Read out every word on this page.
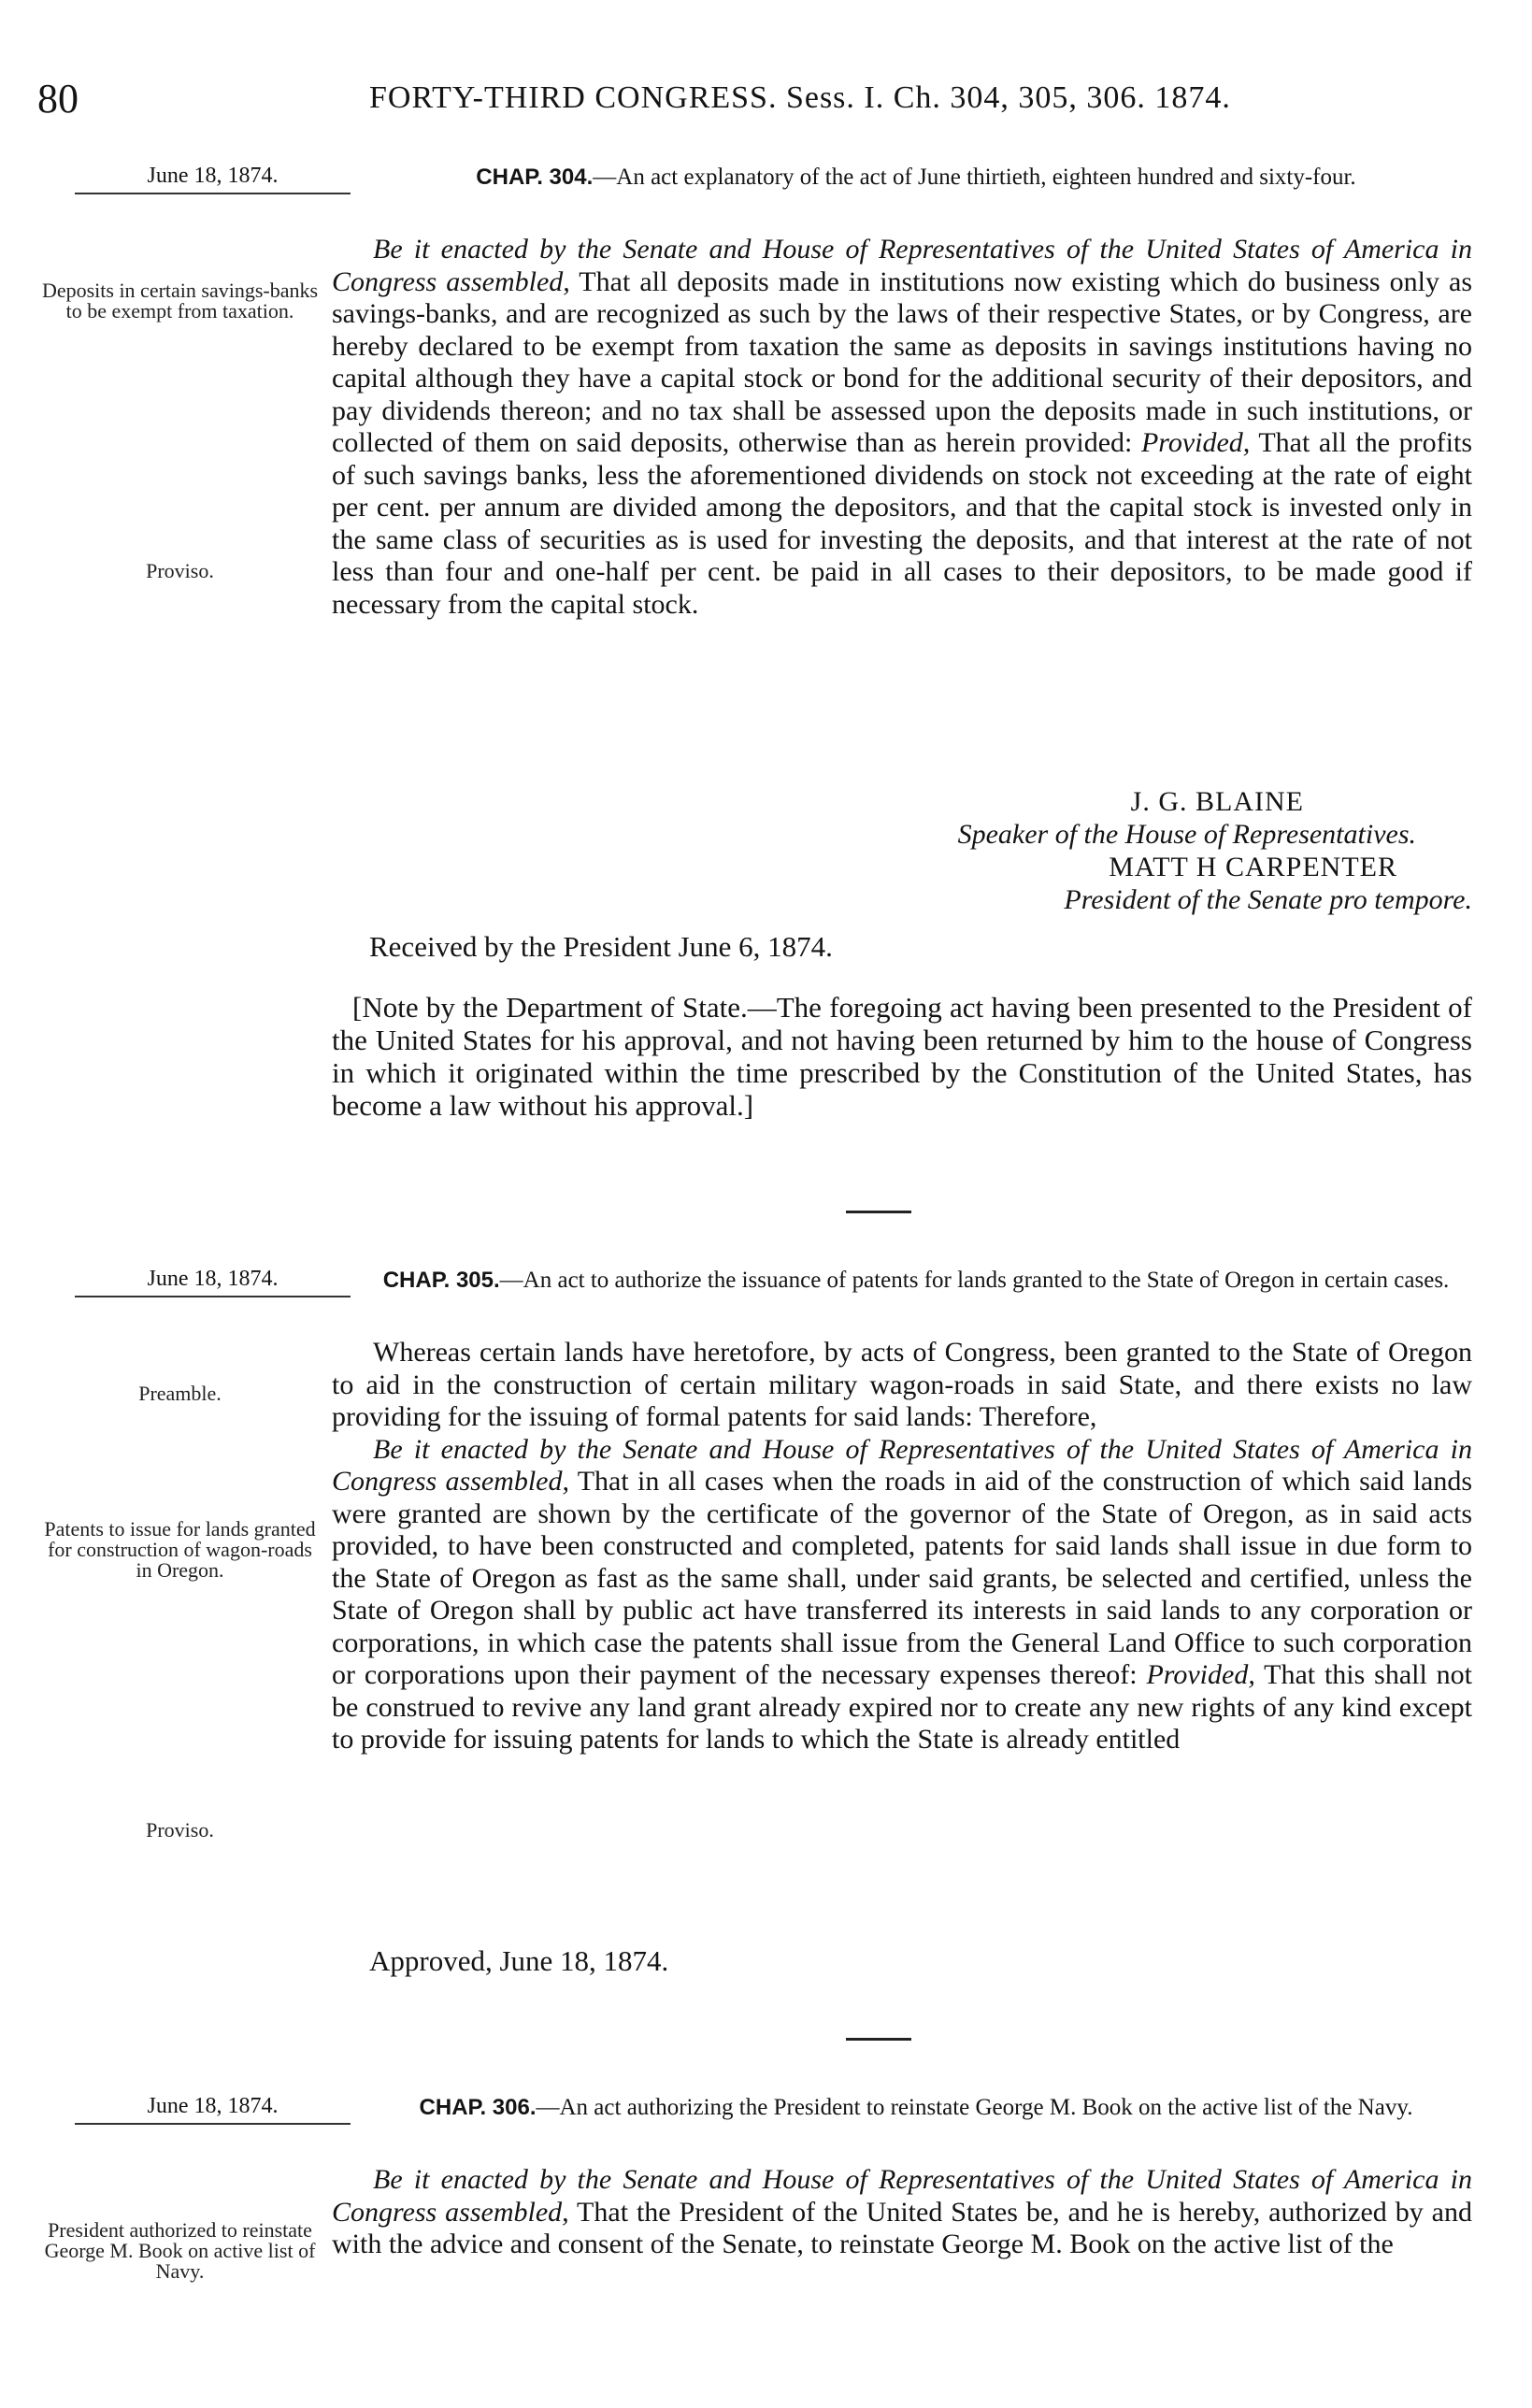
80	FORTY-THIRD CONGRESS. Sess. I. Ch. 304, 305, 306. 1874.
June 18, 1874.	CHAP. 304.—An act explanatory of the act of June thirtieth, eighteen hundred and sixty-four.
Deposits in certain savings-banks to be exempt from taxation.
Proviso.

Be it enacted by the Senate and House of Representatives of the United States of America in Congress assembled, That all deposits made in institutions now existing which do business only as savings-banks, and are recognized as such by the laws of their respective States, or by Congress, are hereby declared to be exempt from taxation the same as deposits in savings institutions having no capital although they have a capital stock or bond for the additional security of their depositors, and pay dividends thereon; and no tax shall be assessed upon the deposits made in such institutions, or collected of them on said deposits, otherwise than as herein provided: Provided, That all the profits of such savings banks, less the aforementioned dividends on stock not exceeding at the rate of eight per cent. per annum are divided among the depositors, and that the capital stock is invested only in the same class of securities as is used for investing the deposits, and that interest at the rate of not less than four and one-half per cent. be paid in all cases to their depositors, to be made good if necessary from the capital stock.

J. G. BLAINE
Speaker of the House of Representatives.
MATT H CARPENTER
President of the Senate pro tempore.
Received by the President June 6, 1874.

[Note by the Department of State.—The foregoing act having been presented to the President of the United States for his approval, and not having been returned by him to the house of Congress in which it originated within the time prescribed by the Constitution of the United States, has become a law without his approval.]

June 18, 1874.	CHAP. 305.—An act to authorize the issuance of patents for lands granted to the State of Oregon in certain cases.
Preamble.
Patents to issue for lands granted for construction of wagon-roads in Oregon.
Proviso.

Whereas certain lands have heretofore, by acts of Congress, been granted to the State of Oregon to aid in the construction of certain military wagon-roads in said State, and there exists no law providing for the issuing of formal patents for said lands: Therefore,

Be it enacted by the Senate and House of Representatives of the United States of America in Congress assembled, That in all cases when the roads in aid of the construction of which said lands were granted are shown by the certificate of the governor of the State of Oregon, as in said acts provided, to have been constructed and completed, patents for said lands shall issue in due form to the State of Oregon as fast as the same shall, under said grants, be selected and certified, unless the State of Oregon shall by public act have transferred its interests in said lands to any corporation or corporations, in which case the patents shall issue from the General Land Office to such corporation or corporations upon their payment of the necessary expenses thereof: Provided, That this shall not be construed to revive any land grant already expired nor to create any new rights of any kind except to provide for issuing patents for lands to which the State is already entitled

Approved, June 18, 1874.
June 18, 1874.	CHAP. 306.—An act authorizing the President to reinstate George M. Book on the active list of the Navy.
President authorized to reinstate George M. Book on active list of Navy.

Be it enacted by the Senate and House of Representatives of the United States of America in Congress assembled, That the President of the United States be, and he is hereby, authorized by and with the advice and consent of the Senate, to reinstate George M. Book on the active list of the
